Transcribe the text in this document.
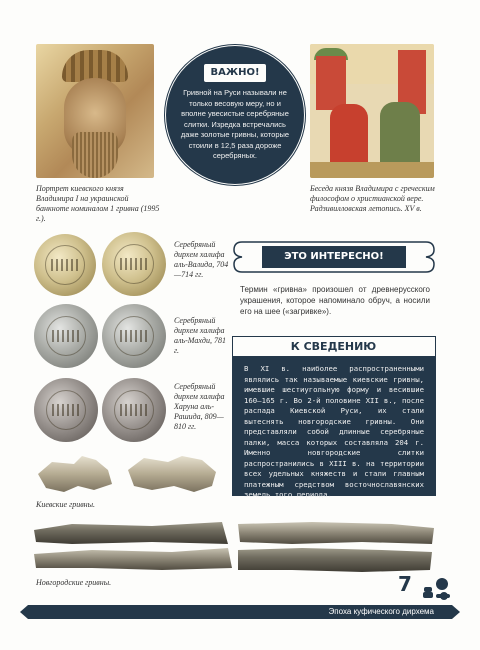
Портрет киевского князя Владимира I на украинской банкноте номиналом 1 гривна (1995 г.).
ВАЖНО!
Гривной на Руси называли не только весовую меру, но и вполне увесистые серебряные слитки. Изредка встречались даже золотые гривны, которые стоили в 12,5 раза дороже серебряных.
Беседа князя Владимира с греческим философом о христианской вере. Радзивилловская летопись. XV в.
Серебряный дирхем халифа аль-Валида, 704—714 гг.
Серебряный дирхем халифа аль-Махди, 781 г.
Серебряный дирхем халифа Харуна аль-Рашида, 809—810 гг.
Киевские гривны.
Новгородские гривны.
ЭТО ИНТЕРЕСНО!
Термин «гривна» произошел от древнерусского украшения, которое напоминало обруч, а носили его на шее («загривке»).
К СВЕДЕНИЮ
В XI в. наиболее распространенными являлись так называемые киевские гривны, имевшие шестиугольную форму и весившие 160—165 г. Во 2-й половине XII в., после распада Киевской Руси, их стали вытеснять новгородские гривны. Они представляли собой длинные серебряные палки, масса которых составляла 204 г. Именно новгородские слитки распространились в XIII в. на территории всех удельных княжеств и стали главным платежным средством восточнославянских земель того периода.
7
Эпоха куфического дирхема
